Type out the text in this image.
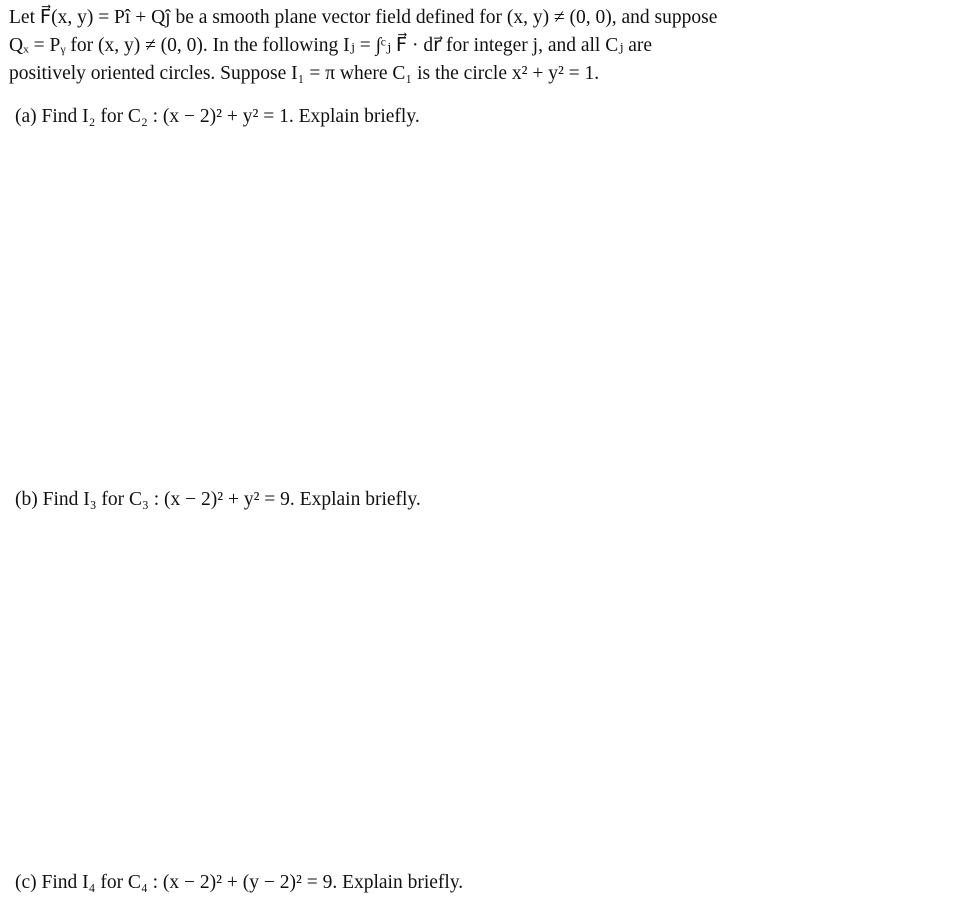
Let F⃗(x, y) = Pî + Qĵ be a smooth plane vector field defined for (x, y) ≠ (0, 0), and suppose
Qₓ = Pᵧ for (x, y) ≠ (0, 0). In the following Iⱼ = ∫ᶜⱼ F⃗ · dr⃗ for integer j, and all Cⱼ are
positively oriented circles. Suppose I₁ = π where C₁ is the circle x² + y² = 1.
(a) Find I₂ for C₂ : (x − 2)² + y² = 1. Explain briefly.
(b) Find I₃ for C₃ : (x − 2)² + y² = 9. Explain briefly.
(c) Find I₄ for C₄ : (x − 2)² + (y − 2)² = 9. Explain briefly.
